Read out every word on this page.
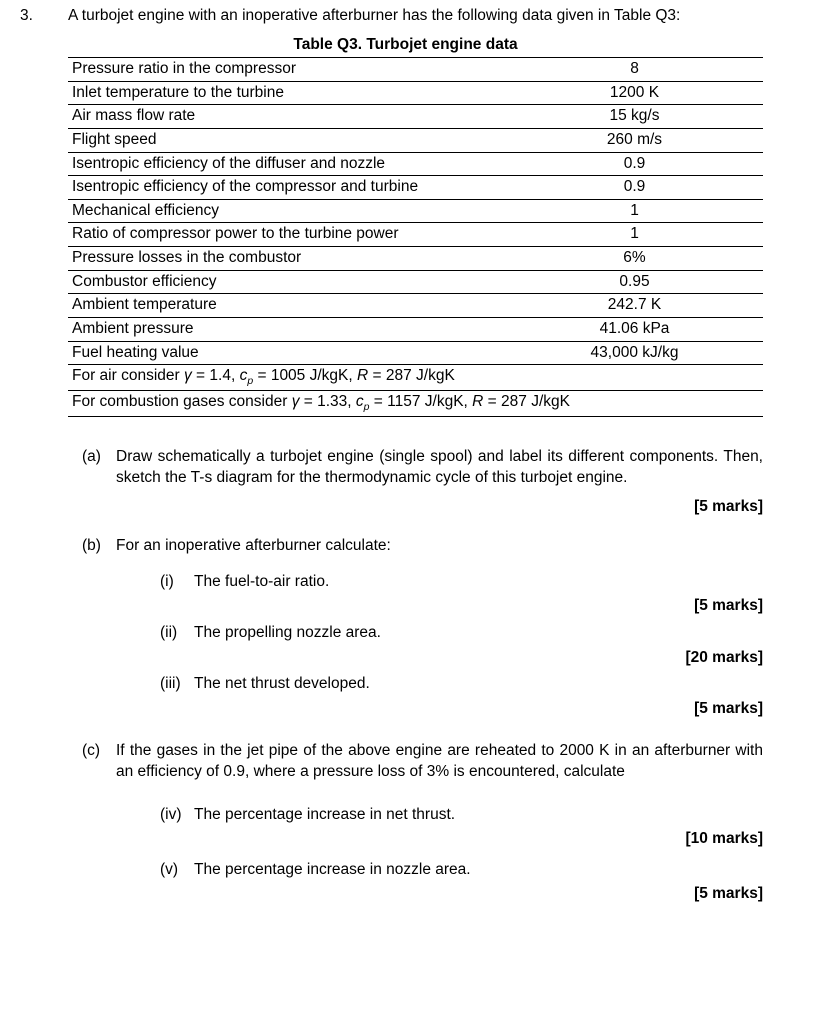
3.	A turbojet engine with an inoperative afterburner has the following data given in Table Q3:
Table Q3. Turbojet engine data
Pressure ratio in the compressor	8
Inlet temperature to the turbine	1200 K
Air mass flow rate	15 kg/s
Flight speed	260 m/s
Isentropic efficiency of the diffuser and nozzle	0.9
Isentropic efficiency of the compressor and turbine	0.9
Mechanical efficiency	1
Ratio of compressor power to the turbine power	1
Pressure losses in the combustor	6%
Combustor efficiency	0.95
Ambient temperature	242.7 K
Ambient pressure	41.06 kPa
Fuel heating value	43,000 kJ/kg
For air consider γ = 1.4, $c_p = 1005$ J/kgK, R = 287 J/kgK	
For combustion gases consider γ = 1.33, $c_p = 1157$ J/kgK, R = 287 J/kgK	
(a) Draw schematically a turbojet engine (single spool) and label its different components. Then, sketch the T-s diagram for the thermodynamic cycle of this turbojet engine.
[5 marks]
(b) For an inoperative afterburner calculate:
(i)	The fuel-to-air ratio.
[5 marks]
(ii)	The propelling nozzle area.
[20 marks]
(iii) The net thrust developed.
[5 marks]
(c)	If the gases in the jet pipe of the above engine are reheated to 2000 K in an afterburner with an efficiency of 0.9, where a pressure loss of 3% is encountered, calculate
(iv) The percentage increase in net thrust.
[10 marks]
(v)	The percentage increase in nozzle area.
[5 marks]
